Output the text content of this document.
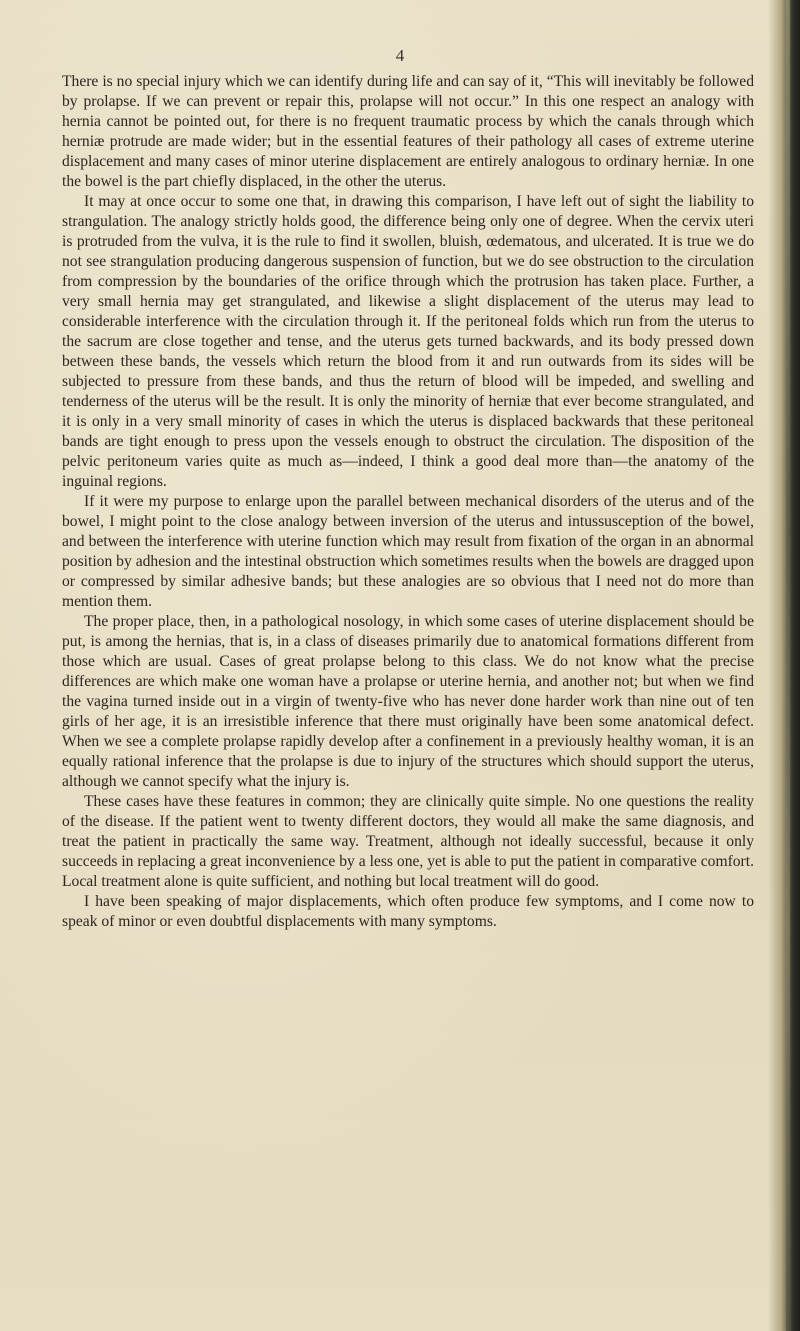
4

There is no special injury which we can identify during life and can say of it, “This will inevitably be followed by prolapse. If we can prevent or repair this, prolapse will not occur.” In this one respect an analogy with hernia cannot be pointed out, for there is no frequent traumatic process by which the canals through which herniæ protrude are made wider; but in the essential features of their pathology all cases of extreme uterine displacement and many cases of minor uterine displacement are entirely analogous to ordinary herniæ. In one the bowel is the part chiefly displaced, in the other the uterus.

It may at once occur to some one that, in drawing this comparison, I have left out of sight the liability to strangulation. The analogy strictly holds good, the difference being only one of degree. When the cervix uteri is protruded from the vulva, it is the rule to find it swollen, bluish, œdematous, and ulcerated. It is true we do not see strangulation producing dangerous suspension of function, but we do see obstruction to the circulation from compression by the boundaries of the orifice through which the protrusion has taken place. Further, a very small hernia may get strangulated, and likewise a slight displacement of the uterus may lead to considerable interference with the circulation through it. If the peritoneal folds which run from the uterus to the sacrum are close together and tense, and the uterus gets turned backwards, and its body pressed down between these bands, the vessels which return the blood from it and run outwards from its sides will be subjected to pressure from these bands, and thus the return of blood will be impeded, and swelling and tenderness of the uterus will be the result. It is only the minority of herniæ that ever become strangulated, and it is only in a very small minority of cases in which the uterus is displaced backwards that these peritoneal bands are tight enough to press upon the vessels enough to obstruct the circulation. The disposition of the pelvic peritoneum varies quite as much as—indeed, I think a good deal more than—the anatomy of the inguinal regions.

If it were my purpose to enlarge upon the parallel between mechanical disorders of the uterus and of the bowel, I might point to the close analogy between inversion of the uterus and intussusception of the bowel, and between the interference with uterine function which may result from fixation of the organ in an abnormal position by adhesion and the intestinal obstruction which sometimes results when the bowels are dragged upon or compressed by similar adhesive bands; but these analogies are so obvious that I need not do more than mention them.

The proper place, then, in a pathological nosology, in which some cases of uterine displacement should be put, is among the hernias, that is, in a class of diseases primarily due to anatomical formations different from those which are usual. Cases of great prolapse belong to this class. We do not know what the precise differences are which make one woman have a prolapse or uterine hernia, and another not; but when we find the vagina turned inside out in a virgin of twenty-five who has never done harder work than nine out of ten girls of her age, it is an irresistible inference that there must originally have been some anatomical defect. When we see a complete prolapse rapidly develop after a confinement in a previously healthy woman, it is an equally rational inference that the prolapse is due to injury of the structures which should support the uterus, although we cannot specify what the injury is.

These cases have these features in common; they are clinically quite simple. No one questions the reality of the disease. If the patient went to twenty different doctors, they would all make the same diagnosis, and treat the patient in practically the same way. Treatment, although not ideally successful, because it only succeeds in replacing a great inconvenience by a less one, yet is able to put the patient in comparative comfort. Local treatment alone is quite sufficient, and nothing but local treatment will do good.

I have been speaking of major displacements, which often produce few symptoms, and I come now to speak of minor or even doubtful displacements with many symptoms.
